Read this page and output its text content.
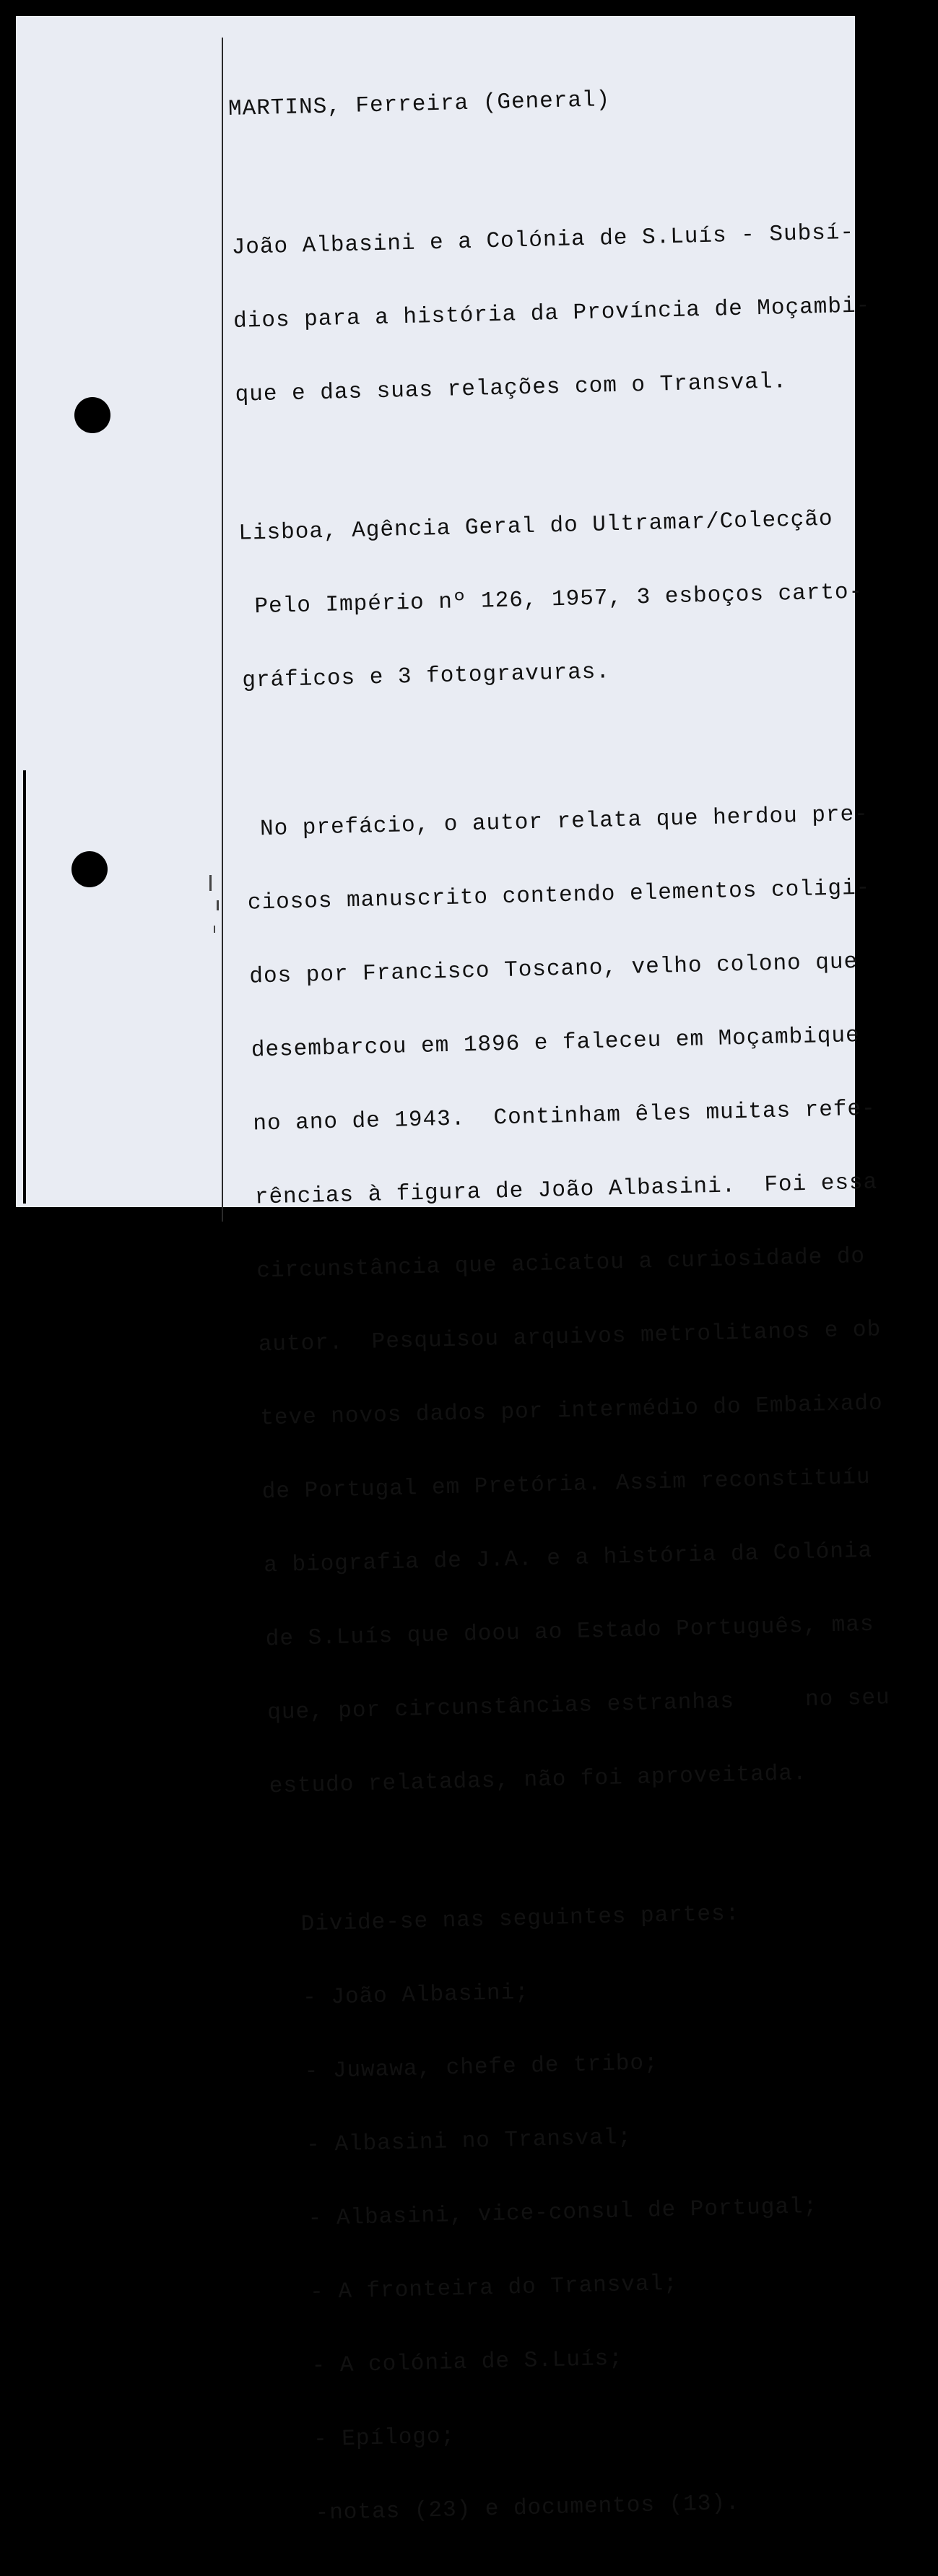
MARTINS, Ferreira (General)

João Albasini e a Colónia de S.Luís - Subsí-

dios para a história da Província de Moçambi-

que e das suas relações com o Transval.

Lisboa, Agência Geral do Ultramar/Colecção

Pelo Império nº 126, 1957, 3 esboços carto-

gráficos e 3 fotogravuras.

No prefácio, o autor relata que herdou pre-

ciosos manuscrito contendo elementos coligi-

dos por Francisco Toscano, velho colono que

desembarcou em 1896 e faleceu em Moçambique

no ano de 1943.  Continham êles muitas refe-

rências à figura de João Albasini.  Foi essa

circunstância que acicatou a curiosidade do

autor.  Pesquisou arquivos metrolitanos e ob

teve novos dados por intermédio do Embaixado

de Portugal em Pretória. Assim reconstituíu

a biografia de J.A. e a história da Colónia

de S.Luís que doou ao Estado Português, mas

que, por circunstâncias estranhas     no seu

estudo relatadas, não foi aproveitada.

Divide-se nas seguintes partes:

- João Albasini;

- Juwawa, chefe de tribo;

- Albasini no Transval;

- Albasini, vice-consul de Portugal;

- A fronteira do Transval;

- A colónia de S.Luís;

- Epílogo;

-notas (23) e documentos (13).
